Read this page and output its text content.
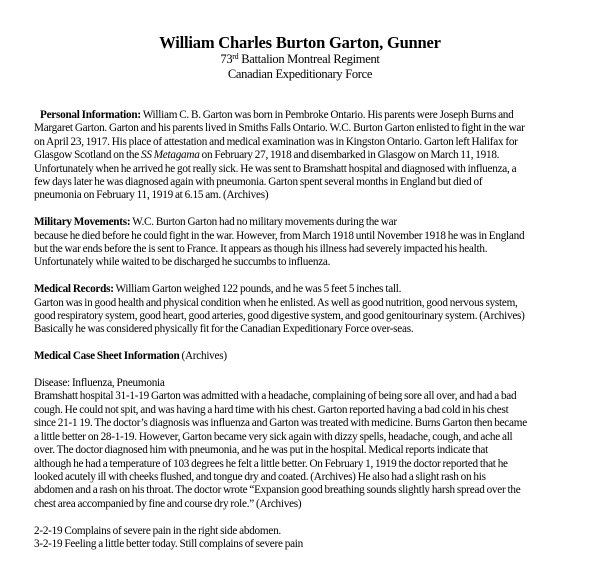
William Charles Burton Garton, Gunner
73rd Battalion Montreal Regiment
Canadian Expeditionary Force
Personal Information: William C. B. Garton was born in Pembroke Ontario. His parents were Joseph Burns and
Margaret Garton. Garton and his parents lived in Smiths Falls Ontario. W.C. Burton Garton enlisted to fight in the war
on April 23, 1917. His place of attestation and medical examination was in Kingston Ontario. Garton left Halifax for
Glasgow Scotland on the SS Metagama on February 27, 1918 and disembarked in Glasgow on March 11, 1918.
Unfortunately when he arrived he got really sick. He was sent to Bramshatt hospital and diagnosed with influenza, a
few days later he was diagnosed again with pneumonia. Garton spent several months in England but died of
pneumonia on February 11, 1919 at 6.15 am. (Archives)
Military Movements: W.C. Burton Garton had no military movements during the war
because he died before he could fight in the war. However, from March 1918 until November 1918 he was in England
but the war ends before the is sent to France. It appears as though his illness had severely impacted his health.
Unfortunately while waited to be discharged he succumbs to influenza.
Medical Records: William Garton weighed 122 pounds, and he was 5 feet 5 inches tall.
Garton was in good health and physical condition when he enlisted. As well as good nutrition, good nervous system,
good respiratory system, good heart, good arteries, good digestive system, and good genitourinary system. (Archives)
Basically he was considered physically fit for the Canadian Expeditionary Force over-seas.
Medical Case Sheet Information (Archives)
Disease: Influenza, Pneumonia
Bramshatt hospital 31-1-19 Garton was admitted with a headache, complaining of being sore all over, and had a bad
cough. He could not spit, and was having a hard time with his chest. Garton reported having a bad cold in his chest
since 21-1 19. The doctor’s diagnosis was influenza and Garton was treated with medicine. Burns Garton then became
a little better on 28-1-19. However, Garton became very sick again with dizzy spells, headache, cough, and ache all
over. The doctor diagnosed him with pneumonia, and he was put in the hospital. Medical reports indicate that
although he had a temperature of 103 degrees he felt a little better. On February 1, 1919 the doctor reported that he
looked acutely ill with cheeks flushed, and tongue dry and coated. (Archives) He also had a slight rash on his
abdomen and a rash on his throat. The doctor wrote “Expansion good breathing sounds slightly harsh spread over the
chest area accompanied by fine and course dry role.” (Archives)
2-2-19 Complains of severe pain in the right side abdomen.
3-2-19 Feeling a little better today. Still complains of severe pain
